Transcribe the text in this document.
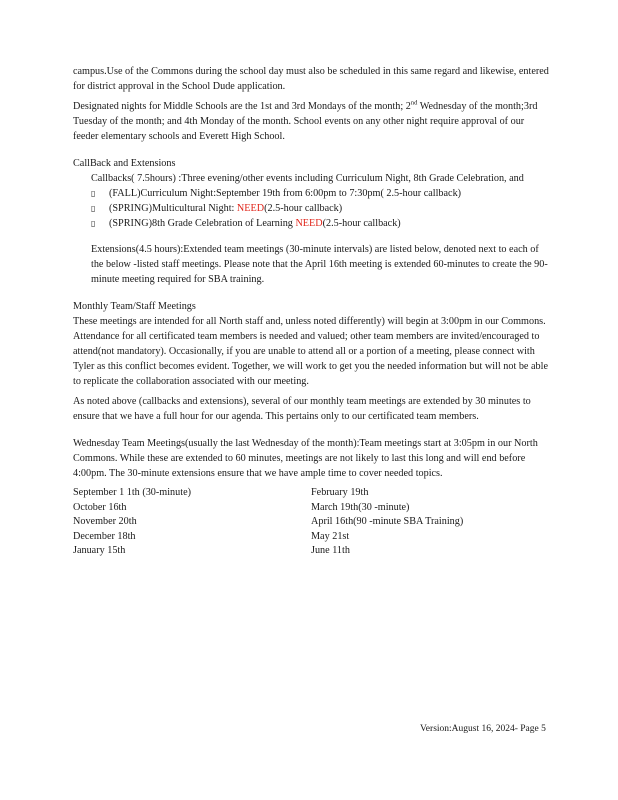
campus.Use of the Commons during the school day must also be scheduled in this same regard and likewise, entered for district approval in the School Dude application.

Designated nights for Middle Schools are the 1st and 3rd Mondays of the month; 2nd Wednesday of the month;3rd Tuesday of the month; and 4th Monday of the month. School events on any other night require approval of our feeder elementary schools and Everett High School.

CallBack and Extensions

Callbacks( 7.5hours) :Three evening/other events including Curriculum Night, 8th Grade Celebration, and

▯ (FALL)Curriculum Night:September 19th from 6:00pm to 7:30pm( 2.5-hour callback)
▯ (SPRING)Multicultural Night: NEED(2.5-hour callback)
▯ (SPRING)8th Grade Celebration of Learning NEED(2.5-hour callback)

Extensions(4.5 hours):Extended team meetings (30-minute intervals) are listed below, denoted next to each of the below -listed staff meetings. Please note that the April 16th meeting is extended 60-minutes to create the 90-minute meeting required for SBA training.

Monthly Team/Staff Meetings

These meetings are intended for all North staff and, unless noted differently) will begin at 3:00pm in our Commons. Attendance for all certificated team members is needed and valued; other team members are invited/encouraged to attend(not mandatory). Occasionally, if you are unable to attend all or a portion of a meeting, please connect with Tyler as this conflict becomes evident. Together, we will work to get you the needed information but will not be able to replicate the collaboration associated with our meeting.

As noted above (callbacks and extensions), several of our monthly team meetings are extended by 30 minutes to ensure that we have a full hour for our agenda. This pertains only to our certificated team members.

Wednesday Team Meetings(usually the last Wednesday of the month):Team meetings start at 3:05pm in our North Commons. While these are extended to 60 minutes, meetings are not likely to last this long and will end before 4:00pm. The 30-minute extensions ensure that we have ample time to cover needed topics.

September 1 1th (30-minute)
October 16th
November 20th
December 18th
January 15th
February 19th
March 19th(30 -minute)
April 16th(90 -minute SBA Training)
May 21st
June 11th
Version:August 16, 2024- Page 5
